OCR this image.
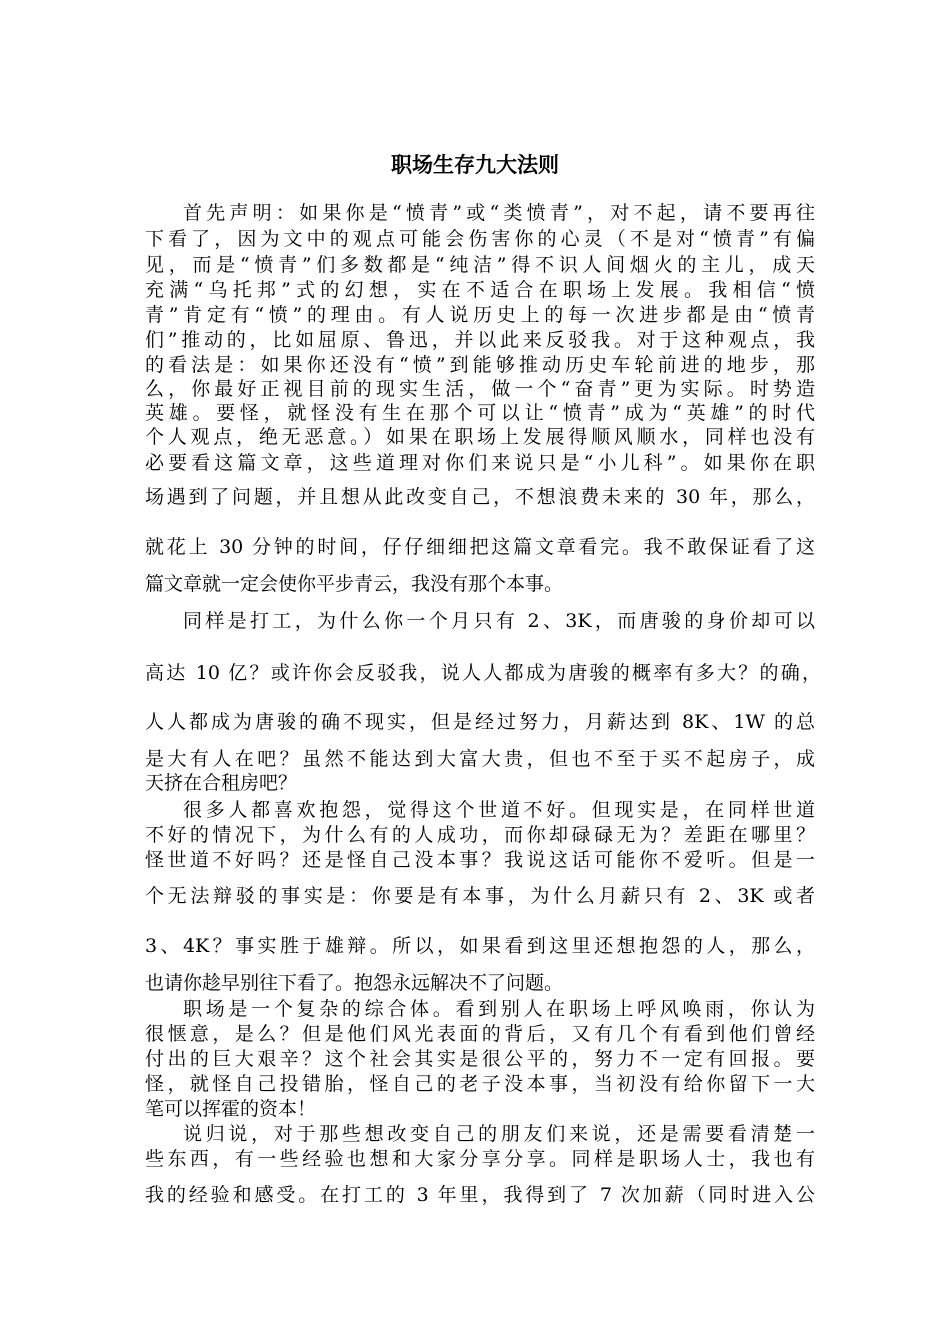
职场生存九大法则
首先声明：如果你是“愤青”或“类愤青”，对不起，请不要再往
下看了，因为文中的观点可能会伤害你的心灵（不是对“愤青”有偏
见，而是“愤青”们多数都是“纯洁”得不识人间烟火的主儿，成天
充满“乌托邦”式的幻想，实在不适合在职场上发展。我相信“愤
青”肯定有“愤”的理由。有人说历史上的每一次进步都是由“愤青
们”推动的，比如屈原、鲁迅，并以此来反驳我。对于这种观点，我
的看法是：如果你还没有“愤”到能够推动历史车轮前进的地步，那
么，你最好正视目前的现实生活，做一个“奋青”更为实际。时势造
英雄。要怪，就怪没有生在那个可以让“愤青”成为“英雄”的时代
个人观点，绝无恶意。）如果在职场上发展得顺风顺水，同样也没有
必要看这篇文章，这些道理对你们来说只是“小儿科”。如果你在职
场遇到了问题，并且想从此改变自己，不想浪费未来的 30 年，那么，
就花上 30 分钟的时间，仔仔细细把这篇文章看完。我不敢保证看了这
篇文章就一定会使你平步青云，我没有那个本事。
同样是打工，为什么你一个月只有 2、3K，而唐骏的身价却可以
高达 10 亿？或许你会反驳我，说人人都成为唐骏的概率有多大？的确，
人人都成为唐骏的确不现实，但是经过努力，月薪达到 8K、1W 的总
是大有人在吧？虽然不能达到大富大贵，但也不至于买不起房子，成
天挤在合租房吧？
很多人都喜欢抱怨，觉得这个世道不好。但现实是，在同样世道
不好的情况下，为什么有的人成功，而你却碌碌无为？差距在哪里？
怪世道不好吗？还是怪自己没本事？我说这话可能你不爱听。但是一
个无法辩驳的事实是：你要是有本事，为什么月薪只有 2、3K 或者
3、4K？事实胜于雄辩。所以，如果看到这里还想抱怨的人，那么，
也请你趁早别往下看了。抱怨永远解决不了问题。
职场是一个复杂的综合体。看到别人在职场上呼风唤雨，你认为
很惬意，是么？但是他们风光表面的背后，又有几个有看到他们曾经
付出的巨大艰辛？这个社会其实是很公平的，努力不一定有回报。要
怪，就怪自己投错胎，怪自己的老子没本事，当初没有给你留下一大
笔可以挥霍的资本！
说归说，对于那些想改变自己的朋友们来说，还是需要看清楚一
些东西，有一些经验也想和大家分享分享。同样是职场人士，我也有
我的经验和感受。在打工的 3 年里，我得到了 7 次加薪（同时进入公
